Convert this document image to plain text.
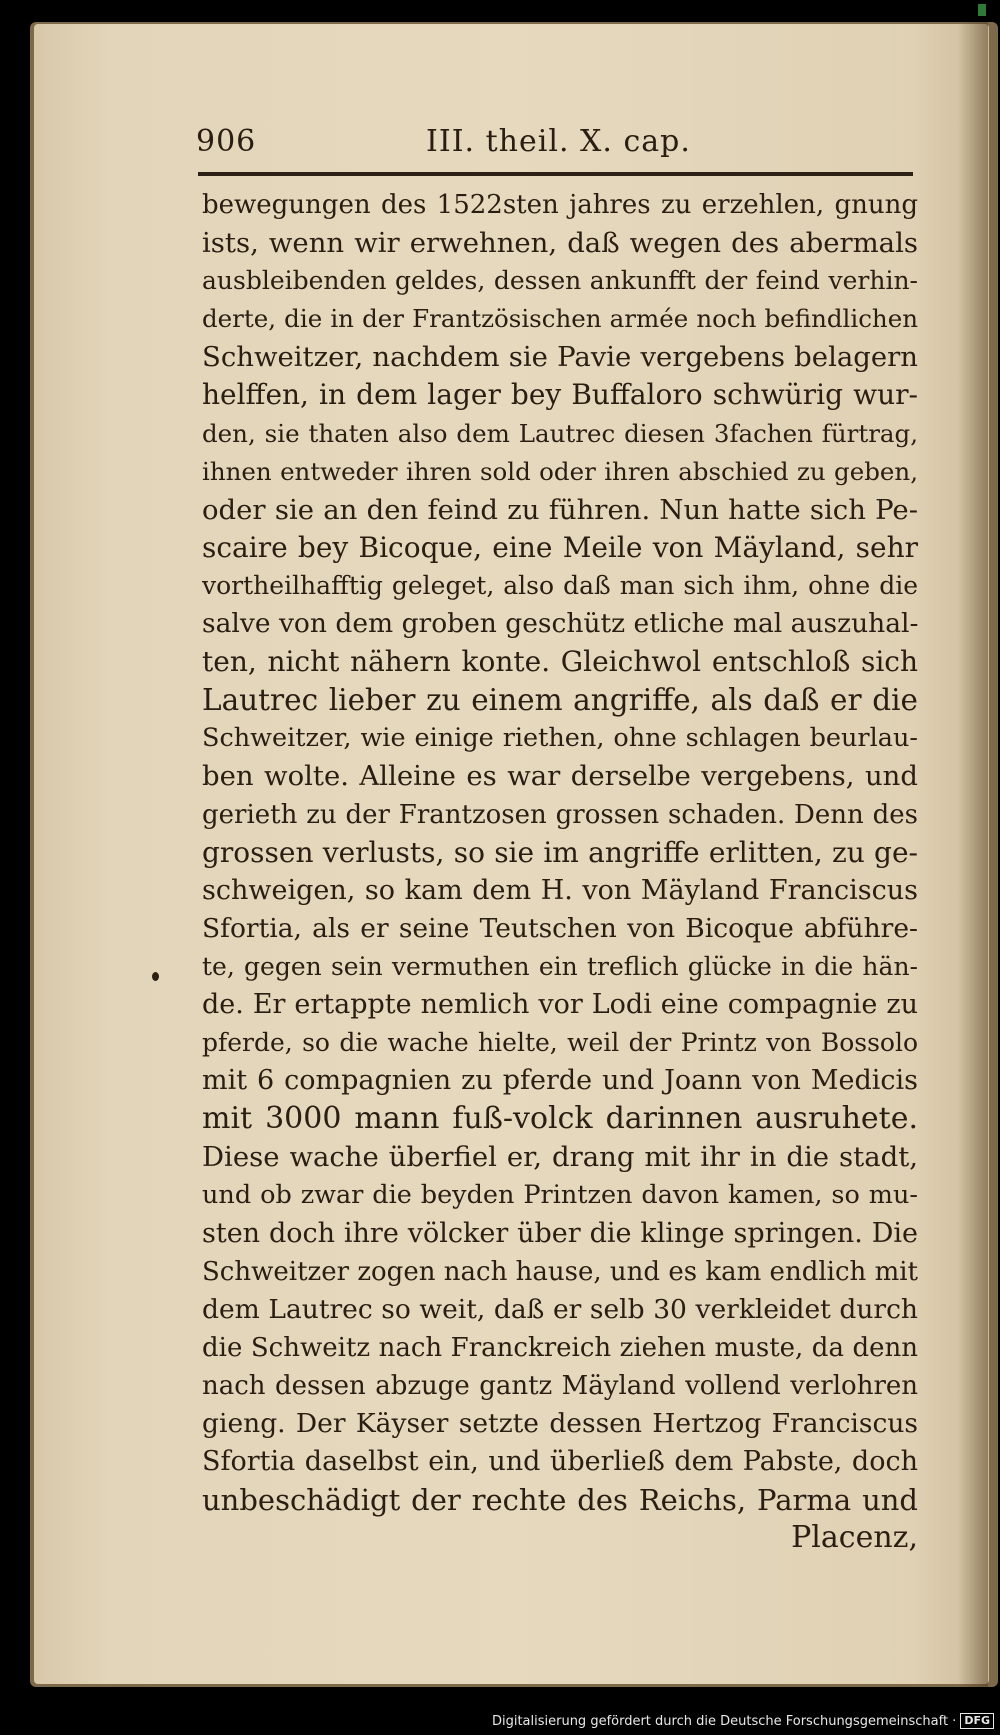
906	III. theil. X. cap.
bewegungen des 1522sten jahres zu erzehlen, gnung
ists, wenn wir erwehnen, daß wegen des abermals
ausbleibenden geldes, dessen ankunfft der feind verhin-
derte, die in der Frantzösischen armée noch befindlichen
Schweitzer, nachdem sie Pavie vergebens belagern
helffen, in dem lager bey Buffaloro schwürig wur-
den, sie thaten also dem Lautrec diesen 3fachen fürtrag,
ihnen entweder ihren sold oder ihren abschied zu geben,
oder sie an den feind zu führen. Nun hatte sich Pe-
scaire bey Bicoque, eine Meile von Mäyland, sehr
vortheilhafftig geleget, also daß man sich ihm, ohne die
salve von dem groben geschütz etliche mal auszuhal-
ten, nicht nähern konte. Gleichwol entschloß sich
Lautrec lieber zu einem angriffe, als daß er die
Schweitzer, wie einige riethen, ohne schlagen beurlau-
ben wolte. Alleine es war derselbe vergebens, und
gerieth zu der Frantzosen grossen schaden. Denn des
grossen verlusts, so sie im angriffe erlitten, zu ge-
schweigen, so kam dem H. von Mäyland Franciscus
Sfortia, als er seine Teutschen von Bicoque abführe-
te, gegen sein vermuthen ein treflich glücke in die hän-
de. Er ertappte nemlich vor Lodi eine compagnie zu
pferde, so die wache hielte, weil der Printz von Bossolo
mit 6 compagnien zu pferde und Joann von Medicis
mit 3000 mann fuß-volck darinnen ausruhete.
Diese wache überfiel er, drang mit ihr in die stadt,
und ob zwar die beyden Printzen davon kamen, so mu-
sten doch ihre völcker über die klinge springen. Die
Schweitzer zogen nach hause, und es kam endlich mit
dem Lautrec so weit, daß er selb 30 verkleidet durch
die Schweitz nach Franckreich ziehen muste, da denn
nach dessen abzuge gantz Mäyland vollend verlohren
gieng. Der Käyser setzte dessen Hertzog Franciscus
Sfortia daselbst ein, und überließ dem Pabste, doch
unbeschädigt der rechte des Reichs, Parma und
Placenz,
Digitalisierung gefördert durch die Deutsche Forschungsgemeinschaft · DFG
